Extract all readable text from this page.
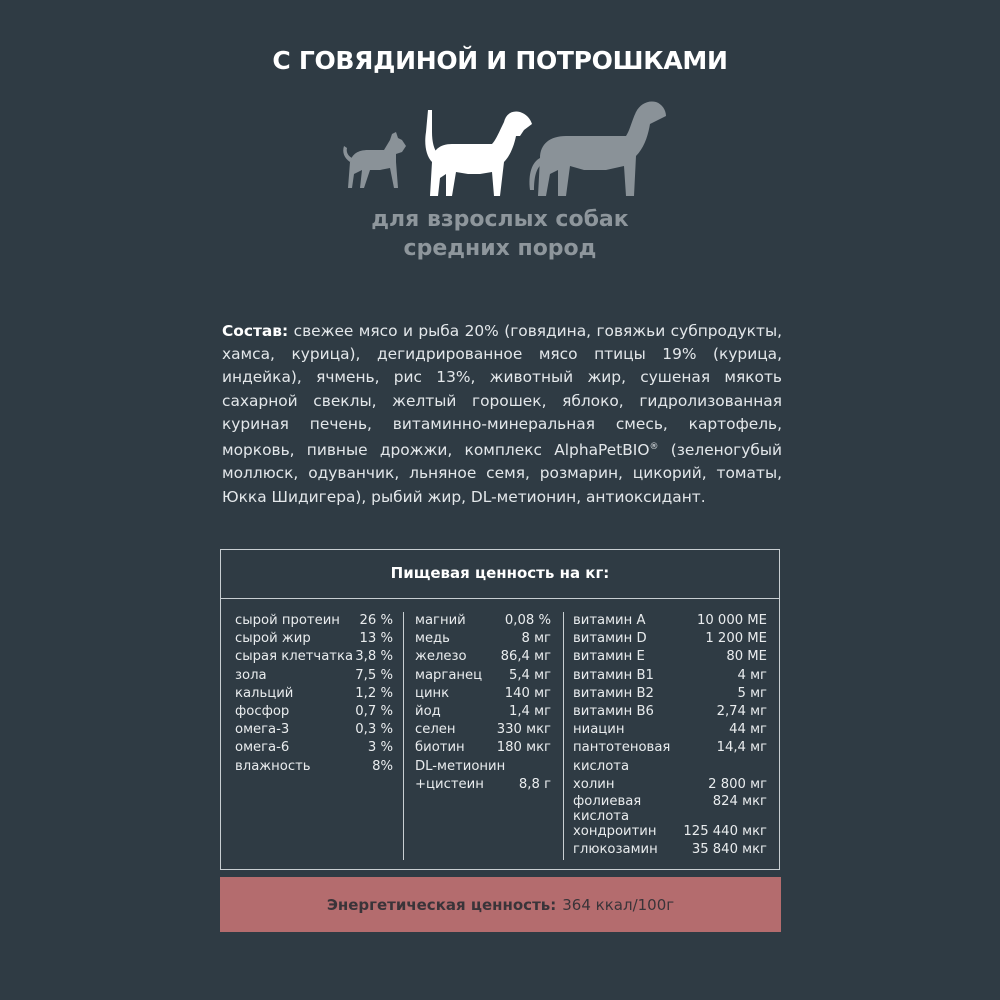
С ГОВЯДИНОЙ И ПОТРОШКАМИ
для взрослых собак
средних пород
Состав: свежее мясо и рыба 20% (говядина, говяжьи субпродукты, хамса, курица), дегидрированное мясо птицы 19% (курица, индейка), ячмень, рис 13%, животный жир, сушеная мякоть сахарной свеклы, желтый горошек, яблоко, гидролизованная куриная печень, витаминно-минеральная смесь, картофель, морковь, пивные дрожжи, комплекс AlphaPetBIO® (зеленогубый моллюск, одуванчик, льняное семя, розмарин, цикорий, томаты, Юкка Шидигера), рыбий жир, DL-метионин, антиоксидант.
Пищевая ценность на кг:
сырой протеин 26 %
сырой жир	13 %
сырая клетчатка 3,8 %
зола	7,5 %
кальций	1,2 %
фосфор	0,7 %
омега-3	0,3 %
омега-6	3 %
влажность	8%
магний	0,08 %
медь	8 мг
железо	86,4 мг
марганец 5,4 мг
цинк	140 мг
йод	1,4 мг
селен	330 мкг
биотин 180 мкг
DL-метионин
+цистеин	8,8 г
витамин А	10 000 МЕ
витамин D	1 200 МЕ
витамин Е	80 МЕ
витамин В1	4 мг
витамин В2	5 мг
витамин В6	2,74 мг
ниацин	44 мг
пантотеновая	14,4 мг
кислота
холин	2 800 мг
фолиевая	824 мкг
кислота
хондроитин 125 440 мкг
глюкозамин	35 840 мкг
Энергетическая ценность: 364 ккал/100г
